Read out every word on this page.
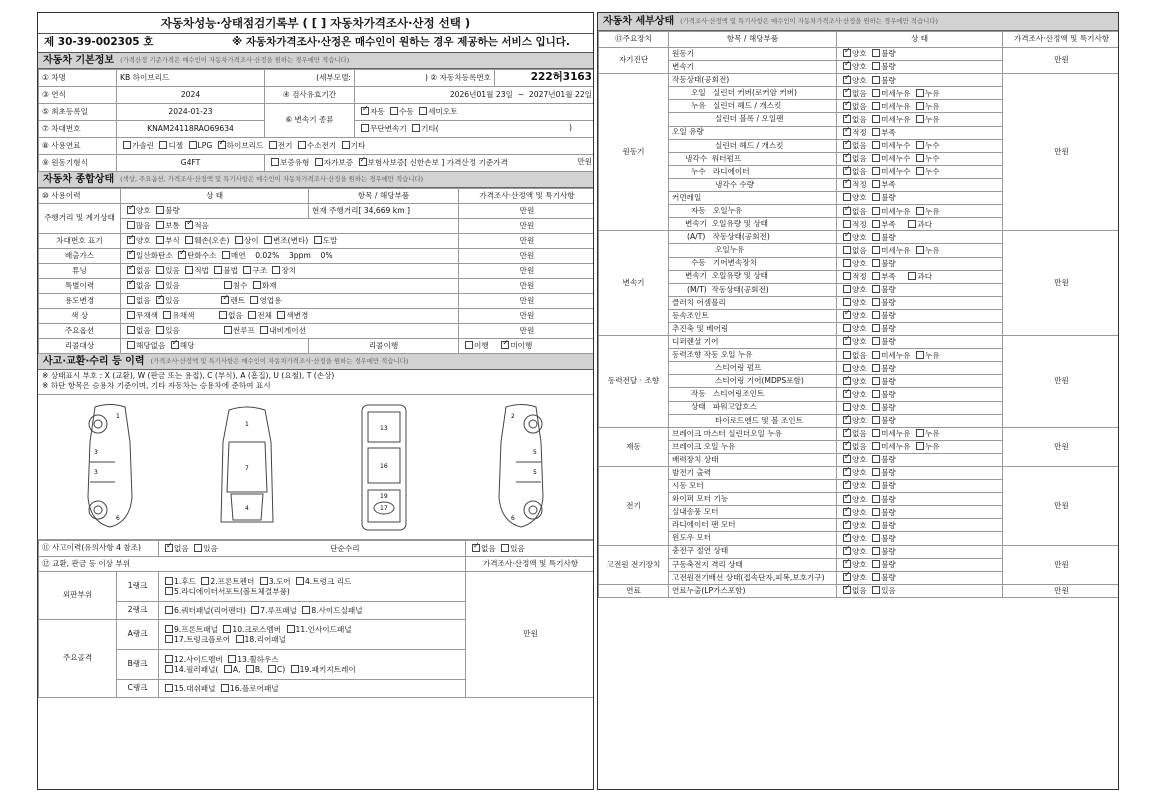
자동차성능·상태점검기록부 ( [ ] 자동차가격조사·산정 선택 )
제 30-39-002305 호	※ 자동차가격조사·산정은 매수인이 원하는 경우 제공하는 서비스 입니다.
자동차 기본정보 (가격산정 기준가격은 매수인이 자동차가격조사·산정을 원하는 경우에만 적습니다)
① 차명	KB 하이브리드	(세부모델:	) ② 자동차등록번호	222허3163
③ 연식	2024	④ 검사유효기간	2026년01월 23일 ~ 2027년01월 22일	
⑤ 최초등록일	2024-01-23	⑥ 변속기 종류	✓자동 수동 세미오토
⑦ 차대번호	KNAM24118RAO69634		무단변속기 기타( )	

⑧ 사용연료	가솔린 디젤 LPG ✓ 하이브리드 전기 수소전기 기타
⑨ 원동기형식	G4FT	보증유형 자가보증 ✓ 보험사보증[ 신한손보 ] 가격산정 기준가격 만원
자동차 종합상태 (색상, 주요옵션, 가격조사·산정액 및 특기사항은 매수인이 자동차가격조사·산정을 원하는 경우에만 적습니다)
⑩ 사용이력	상 태	항목 / 해당부품	가격조사·산정액 및 특기사항
주행거리 및 계기상태	✓양호 불량	현재 주행거리[ 34,669 km ]	만원
	많음 보통 ✓적음		만원
차대번호 표기	✓양호 부식 훼손(오손) 상이 변조(변타) 도말		만원
배출가스	✓일산화탄소 ✓탄화수소 매연    0.02% 3ppm 0%		만원
튜닝	✓없음 있음 적법 불법 구조 장치		만원
특별이력	✓없음 있음                 침수 화재		만원
용도변경	없음 ✓있음                ✓렌트 영업용		만원
색 상	무채색 유채색         없음 전체 색변경		만원
주요옵션	없음 있음                 썬루프 내비게이션		만원
리콜대상	해당없음 ✓해당	리콜이행	이행    ✓미이행
사고·교환·수리 등 이력 (가격조사·산정액 및 특기사항은 매수인이 자동차가격조사·산정을 원하는 경우에만 적습니다)
※ 상태표시 부호 : X (교환), W (판금 또는 용접), C (부식), A (흠집), U (요철), T (손상)
※ 하단 항목은 승용차 기준이며, 기타 자동차는 승용차에 준하여 표시
1
3
3
6
1
7
4
13
16
17
19
2
5
5
6
⑪ 사고이력(유의사항 4 참조)	✓없음 있음 단순수리	✓없음 있음
⑫ 교환, 판금 등 이상 부위			가격조사·산정액 및 특기사항
외판부위	1랭크	1.후드 2.프론트펜더 3.도어 4.트렁크 리드
5.라디에이터서포트(볼트체결부품)	만원
	2랭크	6.쿼터패널(리어펜더) 7.루프패널 8.사이드실패널	
주요골격	A랭크	9.프론트패널 10.크로스멤버 11.인사이드패널
17.트렁크플로어 18.리어패널	
	B랭크	12.사이드멤버 13.휠하우스
14.필러패널( A, B, C) 19.패키지트레이	
	C랭크	15.대쉬패널 16.플로어패널	
자동차 세부상태 (가격조사·산정액 및 특기사항은 매수인이 자동차가격조사·산정을 원하는 경우에만 적습니다)
⑬주요장치	항목 / 해당부품	상 태	가격조사·산정액 및 특기사항
자기진단	원동기	✓양호 불량	만원
	변속기	✓양호 불량
원동기	작동상태(공회전)	✓양호 불량	만원
	오일   실린더 커버(로커암 커버)	✓없음 미세누유 누유
	누유   실린더 헤드 / 개스킷	✓없음 미세누유 누유
	실린더 블록 / 오일팬	✓없음 미세누유 누유
	오일 유량	✓적정 부족
	실린더 헤드 / 개스킷	✓없음 미세누수 누수
	냉각수  워터펌프	✓없음 미세누수 누수
	누수   라디에이터	✓없음 미세누수 누수
	냉각수 수량	✓적정 부족
	커먼레일	양호 불량	
	자동   오일누유	✓없음 미세누유 누유
	변속기  오일유량 및 상태	적정 부족    과다	
변속기	(A/T)   작동상태(공회전)	✓양호 불량	만원
	오일누유	없음 미세누유 누유	
	수동   기어변속장치	양호 불량	
	변속기  오일유량 및 상태	적정 부족    과다	
	(M/T)  작동상태(공회전)	양호 불량	
	클러치 어셈블리	양호 불량	
	등속조인트	✓양호 불량
	추진축 및 베어링	양호 불량	
동력전달 · 조향	디퍼렌셜 기어	✓양호 불량	만원
	동력조향 작동 오일 누유	없음 미세누유 누유	
	스티어링 펌프	양호 불량	
	스티어링 기어(MDPS포함)	✓양호 불량
	작동   스티어링조인트	✓양호 불량
	상태   파워고압호스	양호 불량	
	타이로드엔드 및 볼 조인트	✓양호 불량
제동	브레이크 마스터 실린더오일 누유	✓없음 미세누유 누유	만원
	브레이크 오일 누유	✓없음 미세누유 누유
	배력장치 상태	✓양호 불량
전기	발전기 출력	✓양호 불량	만원
	시동 모터	✓양호 불량
	와이퍼 모터 기능	✓양호 불량
	실내송풍 모터	✓양호 불량
	라디에이터 팬 모터	✓양호 불량
	윈도우 모터	✓양호 불량
고전원 전기장치	충전구 절연 상태	✓양호 불량	만원
	구동축전지 격리 상태	✓양호 불량
	고전원전기배선 상태(접속단자,피복,보호기구)	✓양호 불량
연료	연료누출(LP가스포함)	✓없음 있음	만원
